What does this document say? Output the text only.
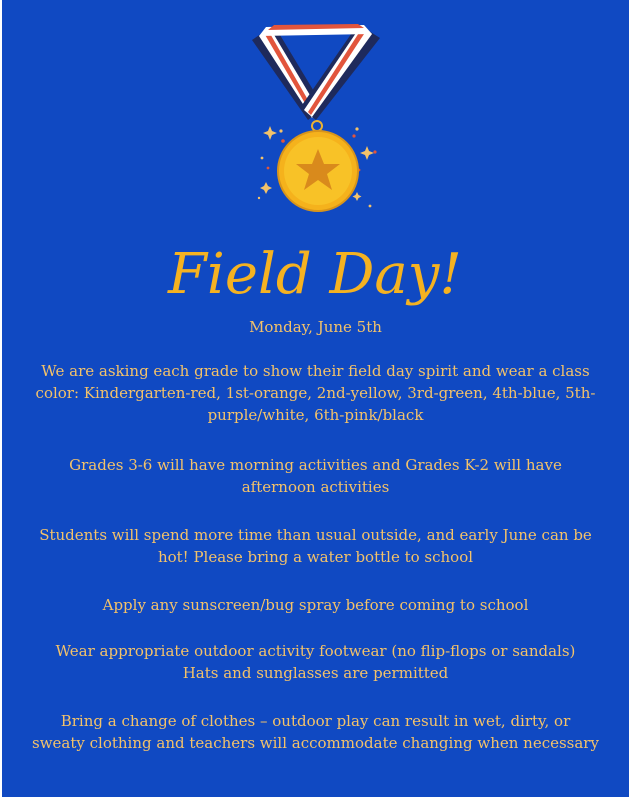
Field Day!
Monday, June 5th
We are asking each grade to show their field day spirit and wear a class
color: Kindergarten-red, 1st-orange, 2nd-yellow, 3rd-green, 4th-blue, 5th-
purple/white, 6th-pink/black
Grades 3-6 will have morning activities and Grades K-2 will have
afternoon activities
Students will spend more time than usual outside, and early June can be
hot! Please bring a water bottle to school
Apply any sunscreen/bug spray before coming to school
Wear appropriate outdoor activity footwear (no flip-flops or sandals)
Hats and sunglasses are permitted
Bring a change of clothes – outdoor play can result in wet, dirty, or
sweaty clothing and teachers will accommodate changing when necessary
